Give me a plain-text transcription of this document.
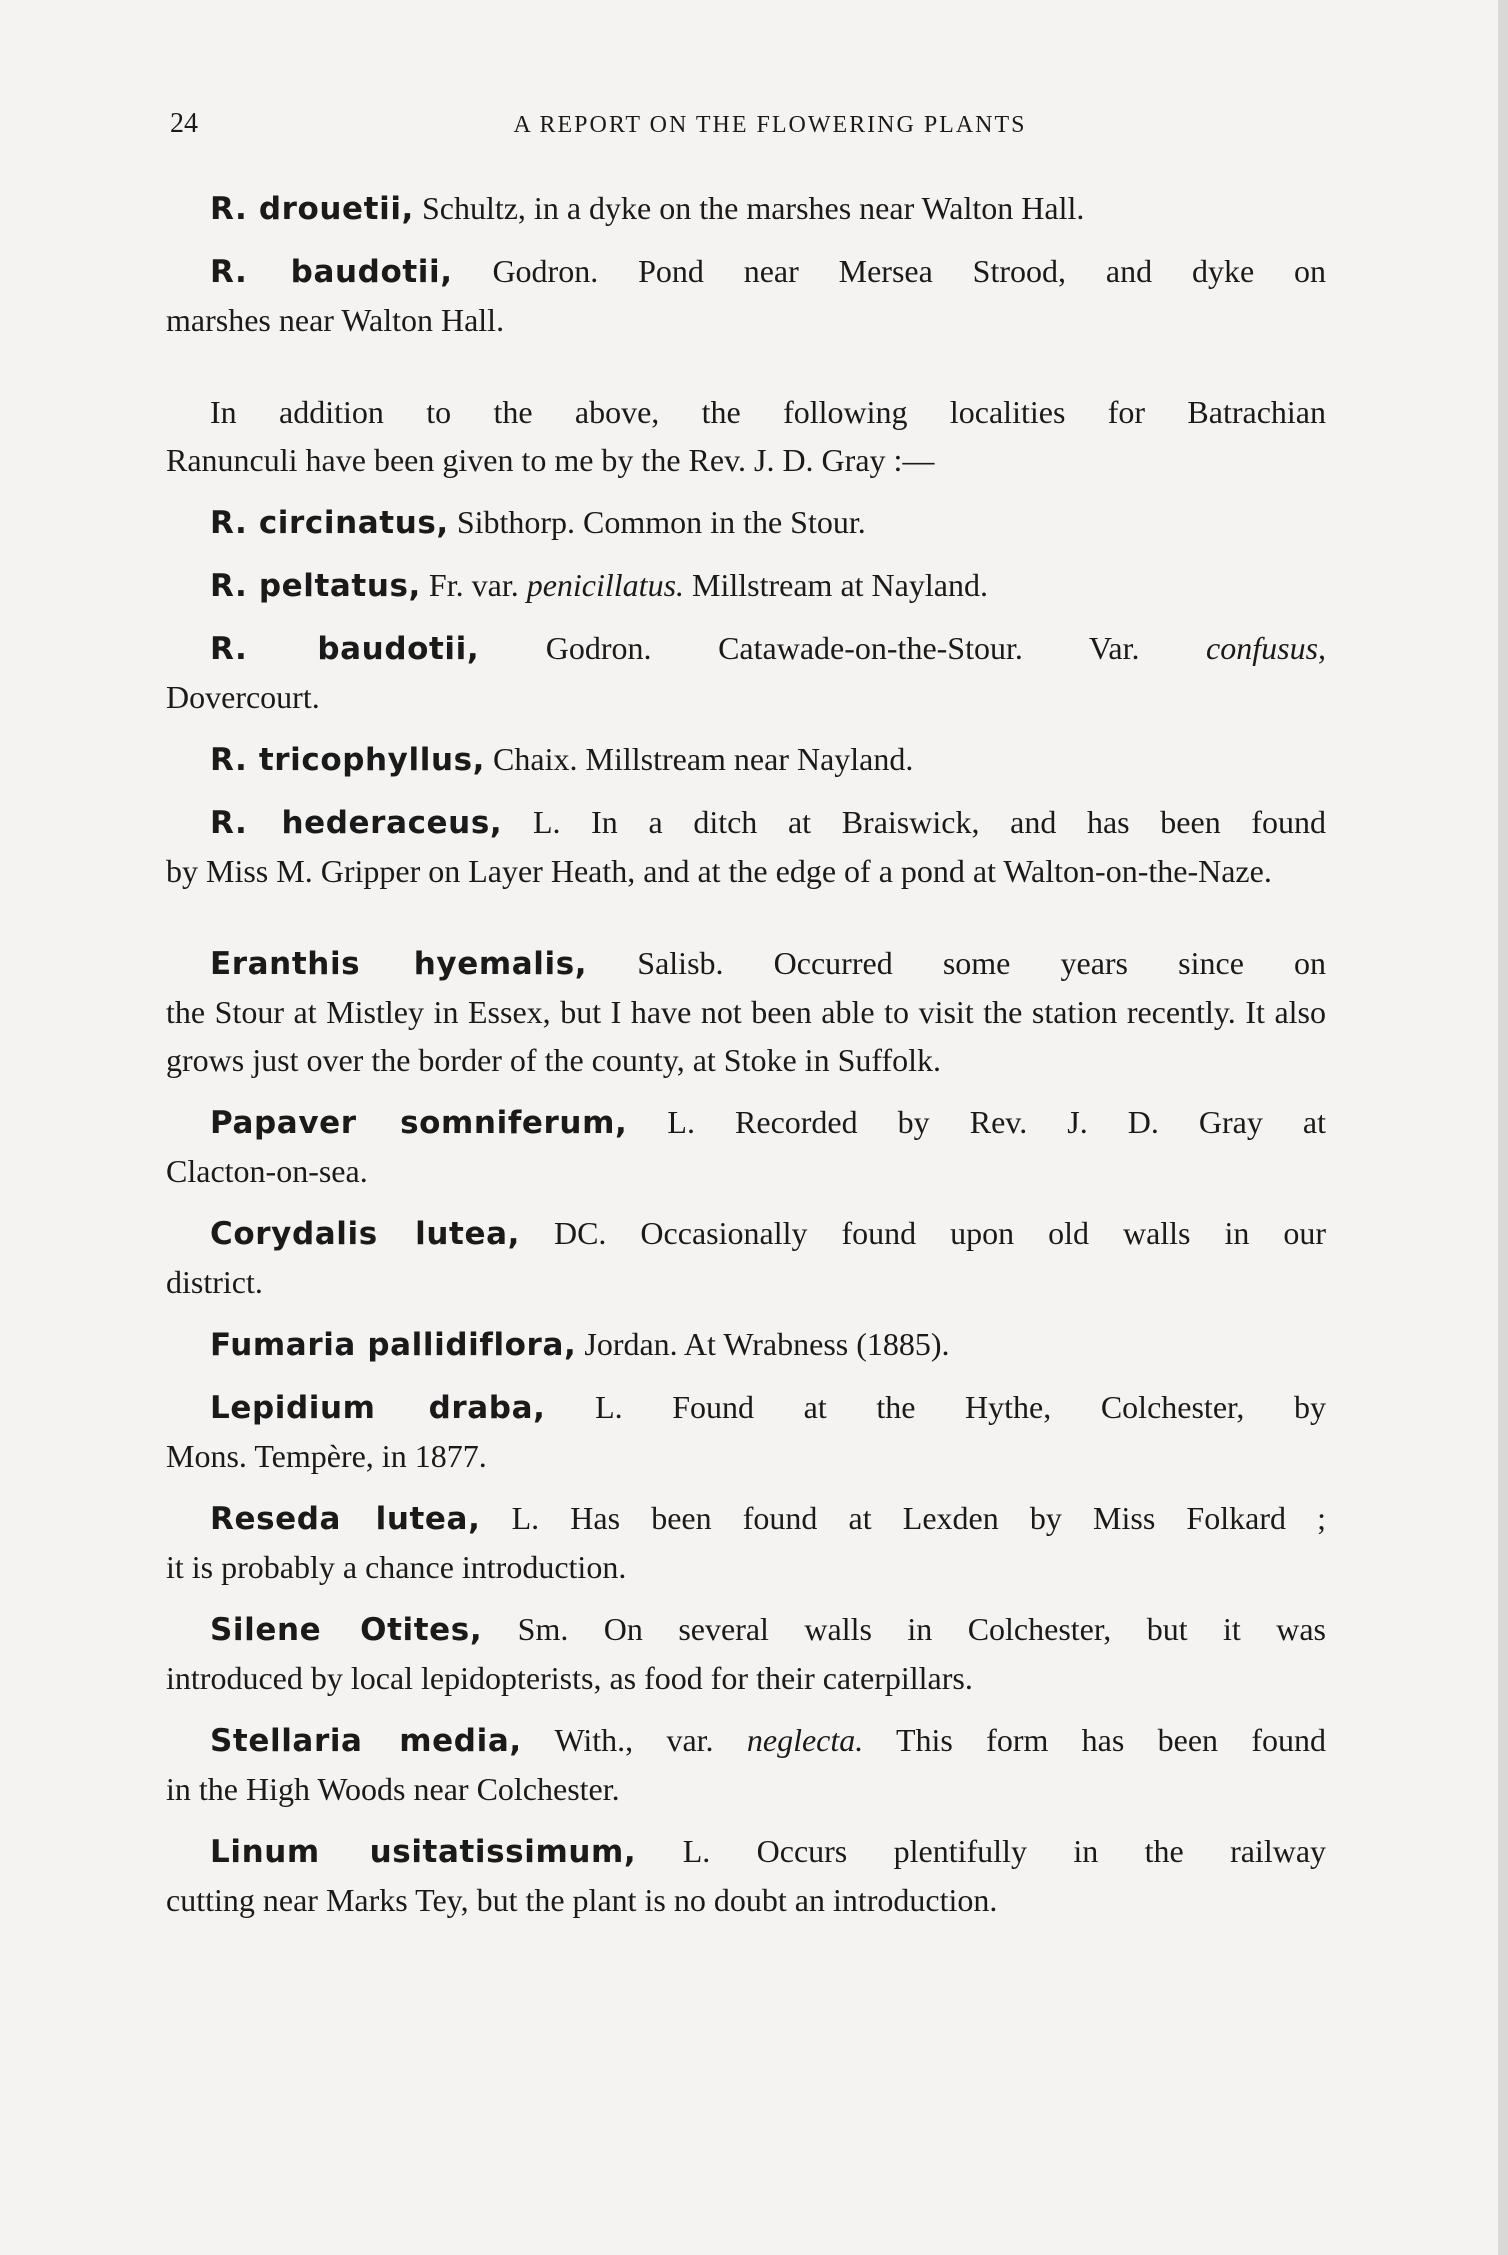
24	A REPORT ON THE FLOWERING PLANTS

R. drouetii, Schultz, in a dyke on the marshes near Walton Hall.

R. baudotii, Godron. Pond near Mersea Strood, and dyke on
marshes near Walton Hall.

In addition to the above, the following localities for Batrachian
Ranunculi have been given to me by the Rev. J. D. Gray :—

R. circinatus, Sibthorp. Common in the Stour.

R. peltatus, Fr. var. penicillatus. Millstream at Nayland.

R. baudotii, Godron. Catawade-on-the-Stour. Var. confusus,
Dovercourt.

R. tricophyllus, Chaix. Millstream near Nayland.

R. hederaceus, L. In a ditch at Braiswick, and has been found
by Miss M. Gripper on Layer Heath, and at the edge of a pond at Walton-on-the-Naze.

Eranthis hyemalis, Salisb. Occurred some years since on
the Stour at Mistley in Essex, but I have not been able to visit the station recently. It also grows just over the border of the county, at Stoke in Suffolk.

Papaver somniferum, L. Recorded by Rev. J. D. Gray at
Clacton-on-sea.

Corydalis lutea, DC. Occasionally found upon old walls in our
district.

Fumaria pallidiflora, Jordan. At Wrabness (1885).

Lepidium draba, L. Found at the Hythe, Colchester, by
Mons. Tempère, in 1877.

Reseda lutea, L. Has been found at Lexden by Miss Folkard ;
it is probably a chance introduction.

Silene Otites, Sm. On several walls in Colchester, but it was
introduced by local lepidopterists, as food for their caterpillars.

Stellaria media, With., var. neglecta. This form has been found
in the High Woods near Colchester.

Linum usitatissimum, L. Occurs plentifully in the railway
cutting near Marks Tey, but the plant is no doubt an introduction.
